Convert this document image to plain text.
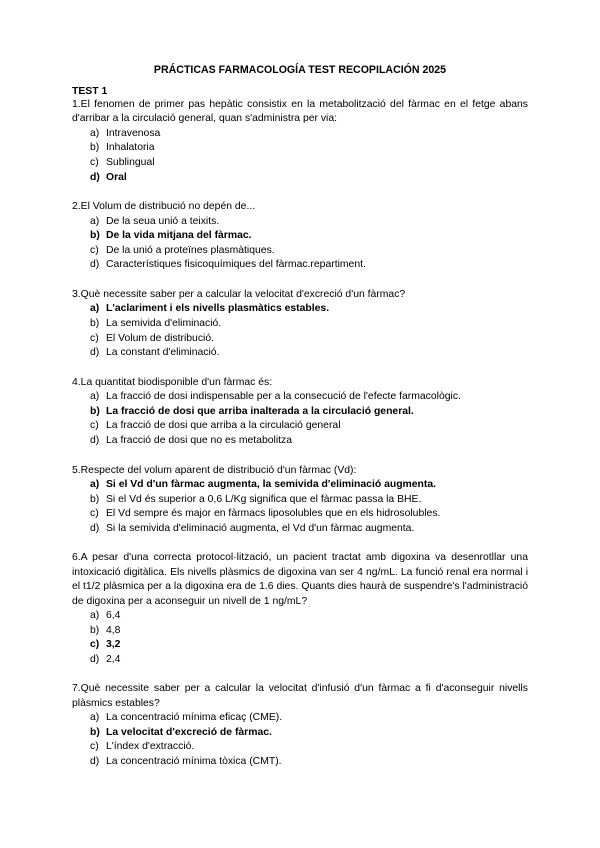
PRÁCTICAS FARMACOLOGÍA TEST RECOPILACIÓN 2025

TEST 1

1.El fenomen de primer pas hepàtic consistix en la metabolització del fàrmac en el fetge abans d'arribar a la circulació general, quan s'administra per via:

a) Intravenosa
b) Inhalatoria
c) Sublingual
d) Oral

2.El Volum de distribució no depén de...

a) De la seua unió a teixits.
b) De la vida mitjana del fàrmac.
c) De la unió a proteïnes plasmàtiques.
d) Característiques fisicoquímiques del fàrmac.repartiment.

3.Què necessite saber per a calcular la velocitat d'excreció d'un fàrmac?

a) L'aclariment i els nivells plasmàtics estables.
b) La semivida d'eliminació.
c) El Volum de distribució.
d) La constant d'eliminació.

4.La quantitat biodisponible d'un fàrmac és:

a) La fracció de dosi indispensable per a la consecució de l'efecte farmacològic.
b) La fracció de dosi que arriba inalterada a la circulació general.
c) La fracció de dosi que arriba a la circulació general
d) La fracció de dosi que no es metabolitza

5.Respecte del volum aparent de distribució d'un fàrmac (Vd):

a) Si el Vd d'un fàrmac augmenta, la semivida d'eliminació augmenta.
b) Si el Vd és superior a 0,6 L/Kg significa que el fàrmac passa la BHE.
c) El Vd sempre és major en fàrmacs liposolubles que en els hidrosolubles.
d) Si la semivida d'eliminació augmenta, el Vd d'un fàrmac augmenta.

6.A pesar d'una correcta protocol·lització, un pacient tractat amb digoxina va desenrotllar una intoxicació digitàlica. Els nivells plàsmics de digoxina van ser 4 ng/mL. La funció renal era normal i el t1/2 plàsmica per a la digoxina era de 1.6 dies. Quants dies haurà de suspendre's l'administració de digoxina per a aconseguir un nivell de 1 ng/mL?

a) 6,4
b) 4,8
c) 3,2
d) 2,4

7.Què necessite saber per a calcular la velocitat d'infusió d'un fàrmac a fi d'aconseguir nivells plàsmics estables?

a) La concentració mínima eficaç (CME).
b) La velocitat d'excreció de fàrmac.
c) L'índex d'extracció.
d) La concentració mínima tòxica (CMT).
